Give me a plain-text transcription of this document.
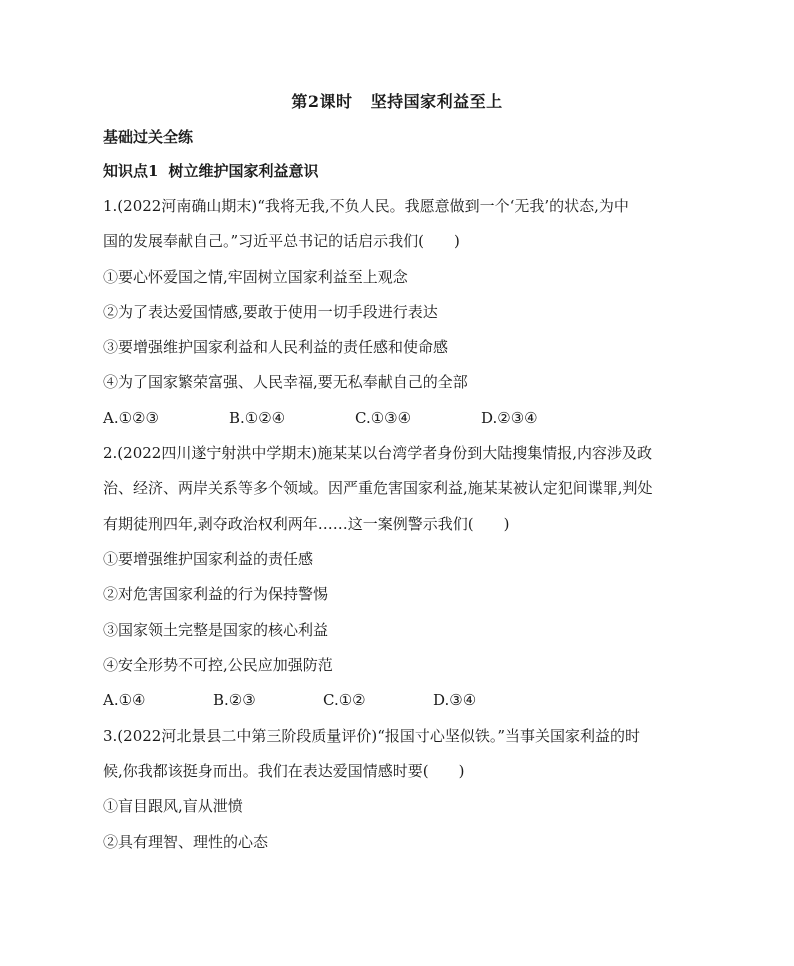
第2课时 坚持国家利益至上
基础过关全练
知识点1 树立维护国家利益意识
1.(2022河南确山期末)“我将无我,不负人民。我愿意做到一个‘无我’的状态,为中
国的发展奉献自己。”习近平总书记的话启示我们(　　)
①要心怀爱国之情,牢固树立国家利益至上观念
②为了表达爱国情感,要敢于使用一切手段进行表达
③要增强维护国家利益和人民利益的责任感和使命感
④为了国家繁荣富强、人民幸福,要无私奉献自己的全部
A.①②③	B.①②④	C.①③④	D.②③④
2.(2022四川遂宁射洪中学期末)施某某以台湾学者身份到大陆搜集情报,内容涉及政
治、经济、两岸关系等多个领域。因严重危害国家利益,施某某被认定犯间谍罪,判处
有期徒刑四年,剥夺政治权利两年……这一案例警示我们(　　)
①要增强维护国家利益的责任感
②对危害国家利益的行为保持警惕
③国家领土完整是国家的核心利益
④安全形势不可控,公民应加强防范
A.①④	B.②③	C.①②	D.③④
3.(2022河北景县二中第三阶段质量评价)“报国寸心坚似铁。”当事关国家利益的时
候,你我都该挺身而出。我们在表达爱国情感时要(　　)
①盲目跟风,盲从泄愤
②具有理智、理性的心态
